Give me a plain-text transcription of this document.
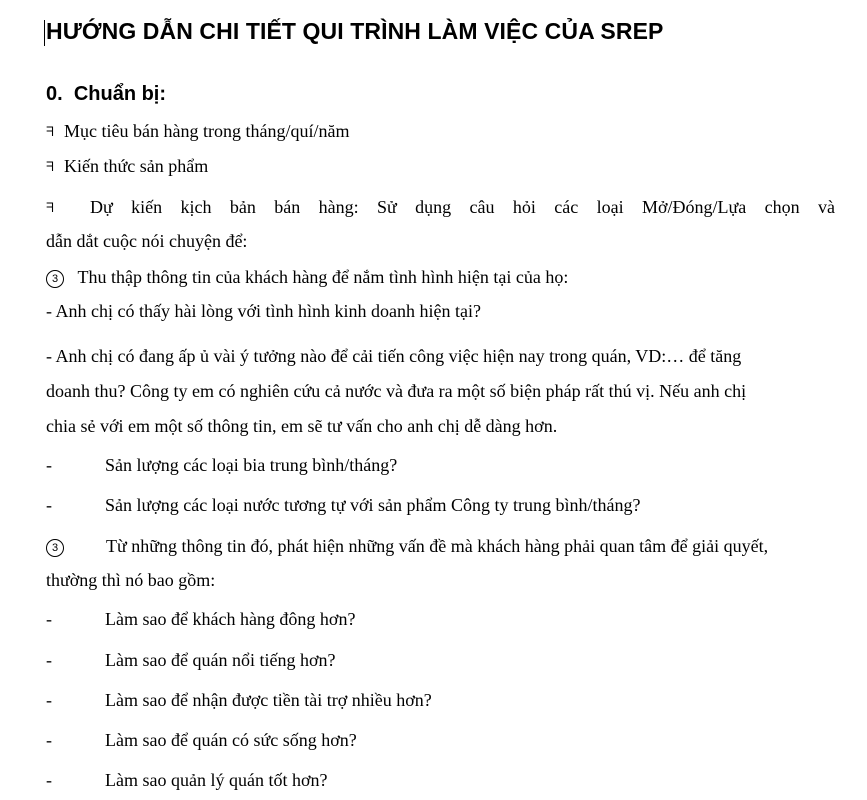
HƯỚNG DẪN CHI TIẾT QUI TRÌNH LÀM VIỆC CỦA SREP
0. Chuẩn bị:
ᖷ Mục tiêu bán hàng trong tháng/quí/năm
ᖷ Kiến thức sản phẩm
ᖷ Dự kiến kịch bản bán hàng: Sử dụng câu hỏi các loại Mở/Đóng/Lựa chọn và
dẫn dắt cuộc nói chuyện để:
3 Thu thập thông tin của khách hàng để nắm tình hình hiện tại của họ:
- Anh chị có thấy hài lòng với tình hình kinh doanh hiện tại?
- Anh chị có đang ấp ủ vài ý tưởng nào để cải tiến công việc hiện nay trong quán, VD:… để tăng
doanh thu? Công ty em có nghiên cứu cả nước và đưa ra một số biện pháp rất thú vị. Nếu anh chị
chia sẻ với em một số thông tin, em sẽ tư vấn cho anh chị dễ dàng hơn.
-	Sản lượng các loại bia trung bình/tháng?
-	Sản lượng các loại nước tương tự với sản phẩm Công ty trung bình/tháng?
3	Từ những thông tin đó, phát hiện những vấn đề mà khách hàng phải quan tâm để giải quyết,
thường thì nó bao gồm:
-	Làm sao để khách hàng đông hơn?
-	Làm sao để quán nổi tiếng hơn?
-	Làm sao để nhận được tiền tài trợ nhiều hơn?
-	Làm sao để quán có sức sống hơn?
-	Làm sao quản lý quán tốt hơn?
